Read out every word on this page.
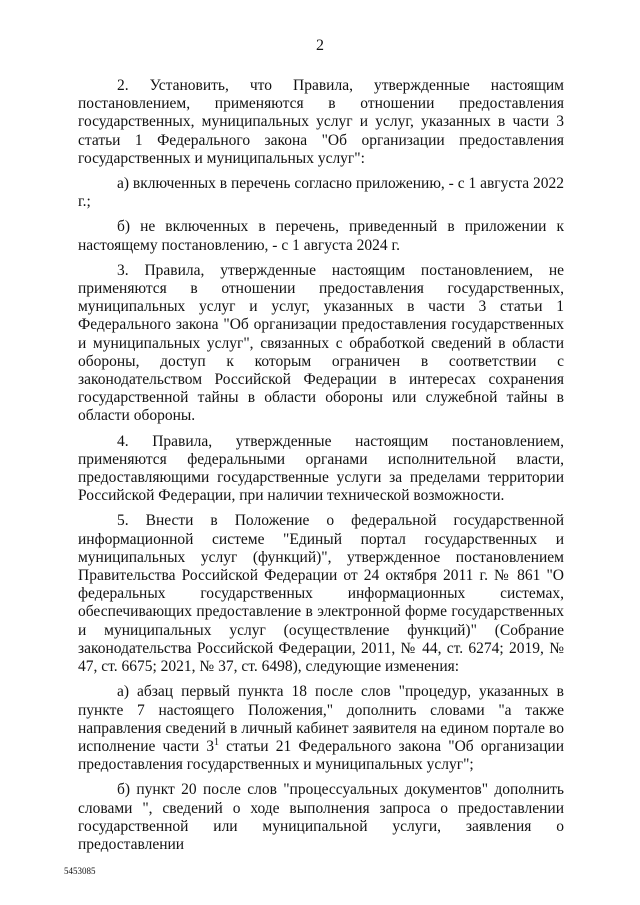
2

2. Установить, что Правила, утвержденные настоящим постановлением, применяются в отношении предоставления государственных, муниципальных услуг и услуг, указанных в части 3 статьи 1 Федерального закона "Об организации предоставления государственных и муниципальных услуг":

а) включенных в перечень согласно приложению, - с 1 августа 2022 г.;

б) не включенных в перечень, приведенный в приложении к настоящему постановлению, - с 1 августа 2024 г.

3. Правила, утвержденные настоящим постановлением, не применяются в отношении предоставления государственных, муниципальных услуг и услуг, указанных в части 3 статьи 1 Федерального закона "Об организации предоставления государственных и муниципальных услуг", связанных с обработкой сведений в области обороны, доступ к которым ограничен в соответствии с законодательством Российской Федерации в интересах сохранения государственной тайны в области обороны или служебной тайны в области обороны.

4. Правила, утвержденные настоящим постановлением, применяются федеральными органами исполнительной власти, предоставляющими государственные услуги за пределами территории Российской Федерации, при наличии технической возможности.

5. Внести в Положение о федеральной государственной информационной системе "Единый портал государственных и муниципальных услуг (функций)", утвержденное постановлением Правительства Российской Федерации от 24 октября 2011 г. № 861 "О федеральных государственных информационных системах, обеспечивающих предоставление в электронной форме государственных и муниципальных услуг (осуществление функций)" (Собрание законодательства Российской Федерации, 2011, № 44, ст. 6274; 2019, № 47, ст. 6675; 2021, № 37, ст. 6498), следующие изменения:

а) абзац первый пункта 18 после слов "процедур, указанных в пункте 7 настоящего Положения," дополнить словами "а также направления сведений в личный кабинет заявителя на едином портале во исполнение части $3^1$ статьи 21 Федерального закона "Об организации предоставления государственных и муниципальных услуг";

б) пункт 20 после слов "процессуальных документов" дополнить словами ", сведений о ходе выполнения запроса о предоставлении государственной или муниципальной услуги, заявления о предоставлении

5453085
